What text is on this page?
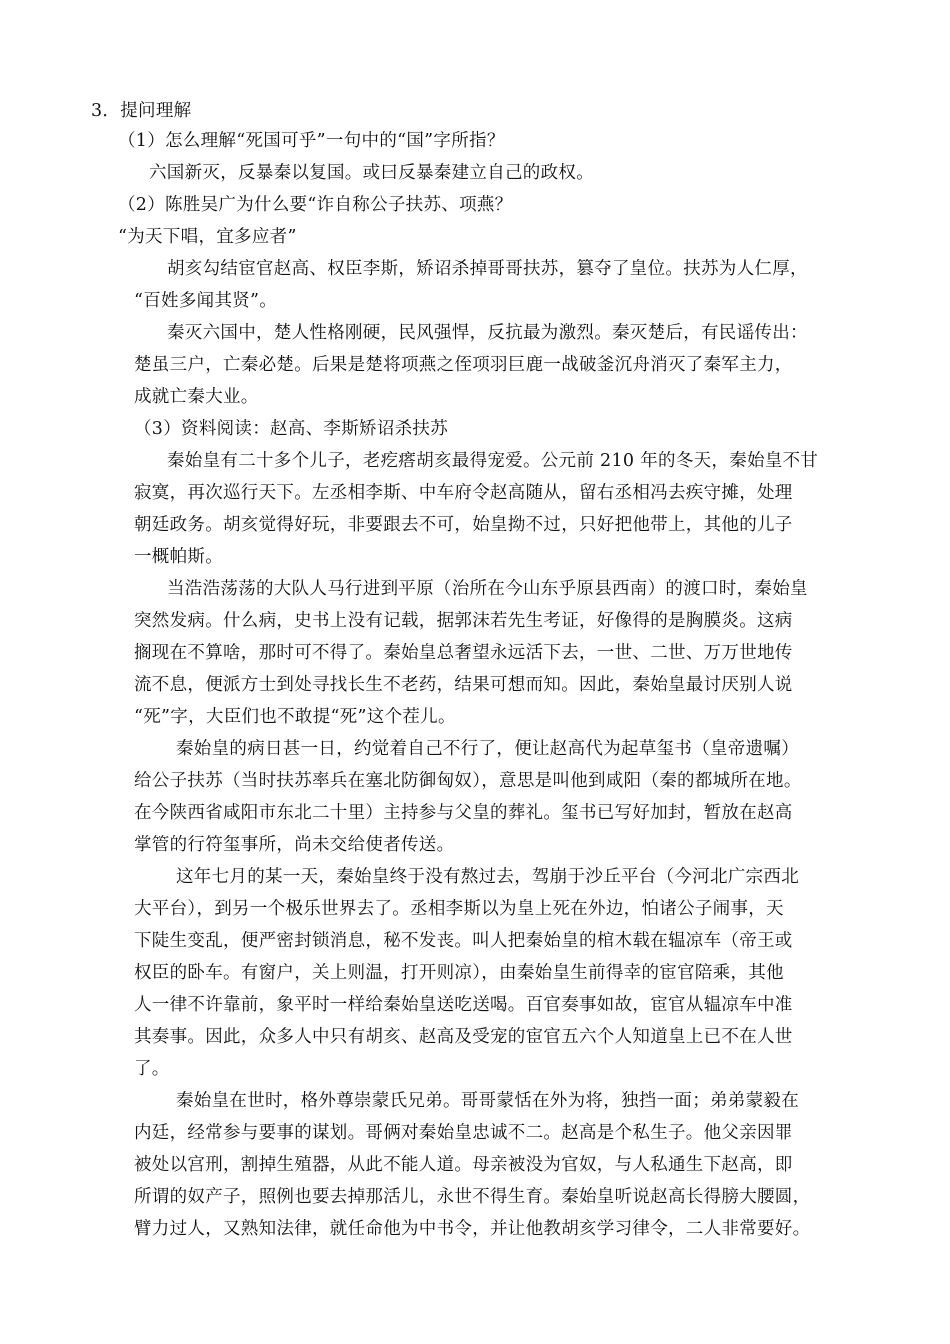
3．提问理解
（1）怎么理解“死国可乎”一句中的“国”字所指？
六国新灭，反暴秦以复国。或曰反暴秦建立自己的政权。
（2）陈胜吴广为什么要“诈自称公子扶苏、项燕？
“为天下唱，宜多应者”
胡亥勾结宦官赵高、权臣李斯，矫诏杀掉哥哥扶苏，篡夺了皇位。扶苏为人仁厚，
“百姓多闻其贤”。
秦灭六国中，楚人性格刚硬，民风强悍，反抗最为激烈。秦灭楚后，有民谣传出：
楚虽三户，亡秦必楚。后果是楚将项燕之侄项羽巨鹿一战破釜沉舟消灭了秦军主力，
成就亡秦大业。
（3）资料阅读：赵高、李斯矫诏杀扶苏
秦始皇有二十多个儿子，老疙瘩胡亥最得宠爱。公元前 210 年的冬天，秦始皇不甘
寂寞，再次巡行天下。左丞相李斯、中车府令赵高随从，留右丞相冯去疾守摊，处理
朝廷政务。胡亥觉得好玩，非要跟去不可，始皇拗不过，只好把他带上，其他的儿子
一概帕斯。
当浩浩荡荡的大队人马行进到平原（治所在今山东乎原县西南）的渡口时，秦始皇
突然发病。什么病，史书上没有记载，据郭沫若先生考证，好像得的是胸膜炎。这病
搁现在不算啥，那时可不得了。秦始皇总奢望永远活下去，一世、二世、万万世地传
流不息，便派方士到处寻找长生不老药，结果可想而知。因此，秦始皇最讨厌别人说
“死”字，大臣们也不敢提“死”这个茬儿。
秦始皇的病日甚一日，约觉着自己不行了，便让赵高代为起草玺书（皇帝遗嘱）
给公子扶苏（当时扶苏率兵在塞北防御匈奴），意思是叫他到咸阳（秦的都城所在地。
在今陕西省咸阳市东北二十里）主持参与父皇的葬礼。玺书已写好加封，暂放在赵高
掌管的行符玺事所，尚未交给使者传送。
这年七月的某一天，秦始皇终于没有熬过去，驾崩于沙丘平台（今河北广宗西北
大平台），到另一个极乐世界去了。丞相李斯以为皇上死在外边，怕诸公子闹事，天
下陡生变乱，便严密封锁消息，秘不发丧。叫人把秦始皇的棺木载在辒凉车（帝王或
权臣的卧车。有窗户，关上则温，打开则凉），由秦始皇生前得幸的宦官陪乘，其他
人一律不许靠前，象平时一样给秦始皇送吃送喝。百官奏事如故，宦官从辒凉车中准
其奏事。因此，众多人中只有胡亥、赵高及受宠的宦官五六个人知道皇上已不在人世
了。
秦始皇在世时，格外尊崇蒙氏兄弟。哥哥蒙恬在外为将，独挡一面；弟弟蒙毅在
内廷，经常参与要事的谋划。哥俩对秦始皇忠诚不二。赵高是个私生子。他父亲因罪
被处以宫刑，割掉生殖器，从此不能人道。母亲被没为官奴，与人私通生下赵高，即
所谓的奴产子，照例也要去掉那活儿，永世不得生育。秦始皇听说赵高长得膀大腰圆，
臂力过人，又熟知法律，就任命他为中书令，并让他教胡亥学习律令，二人非常要好。
